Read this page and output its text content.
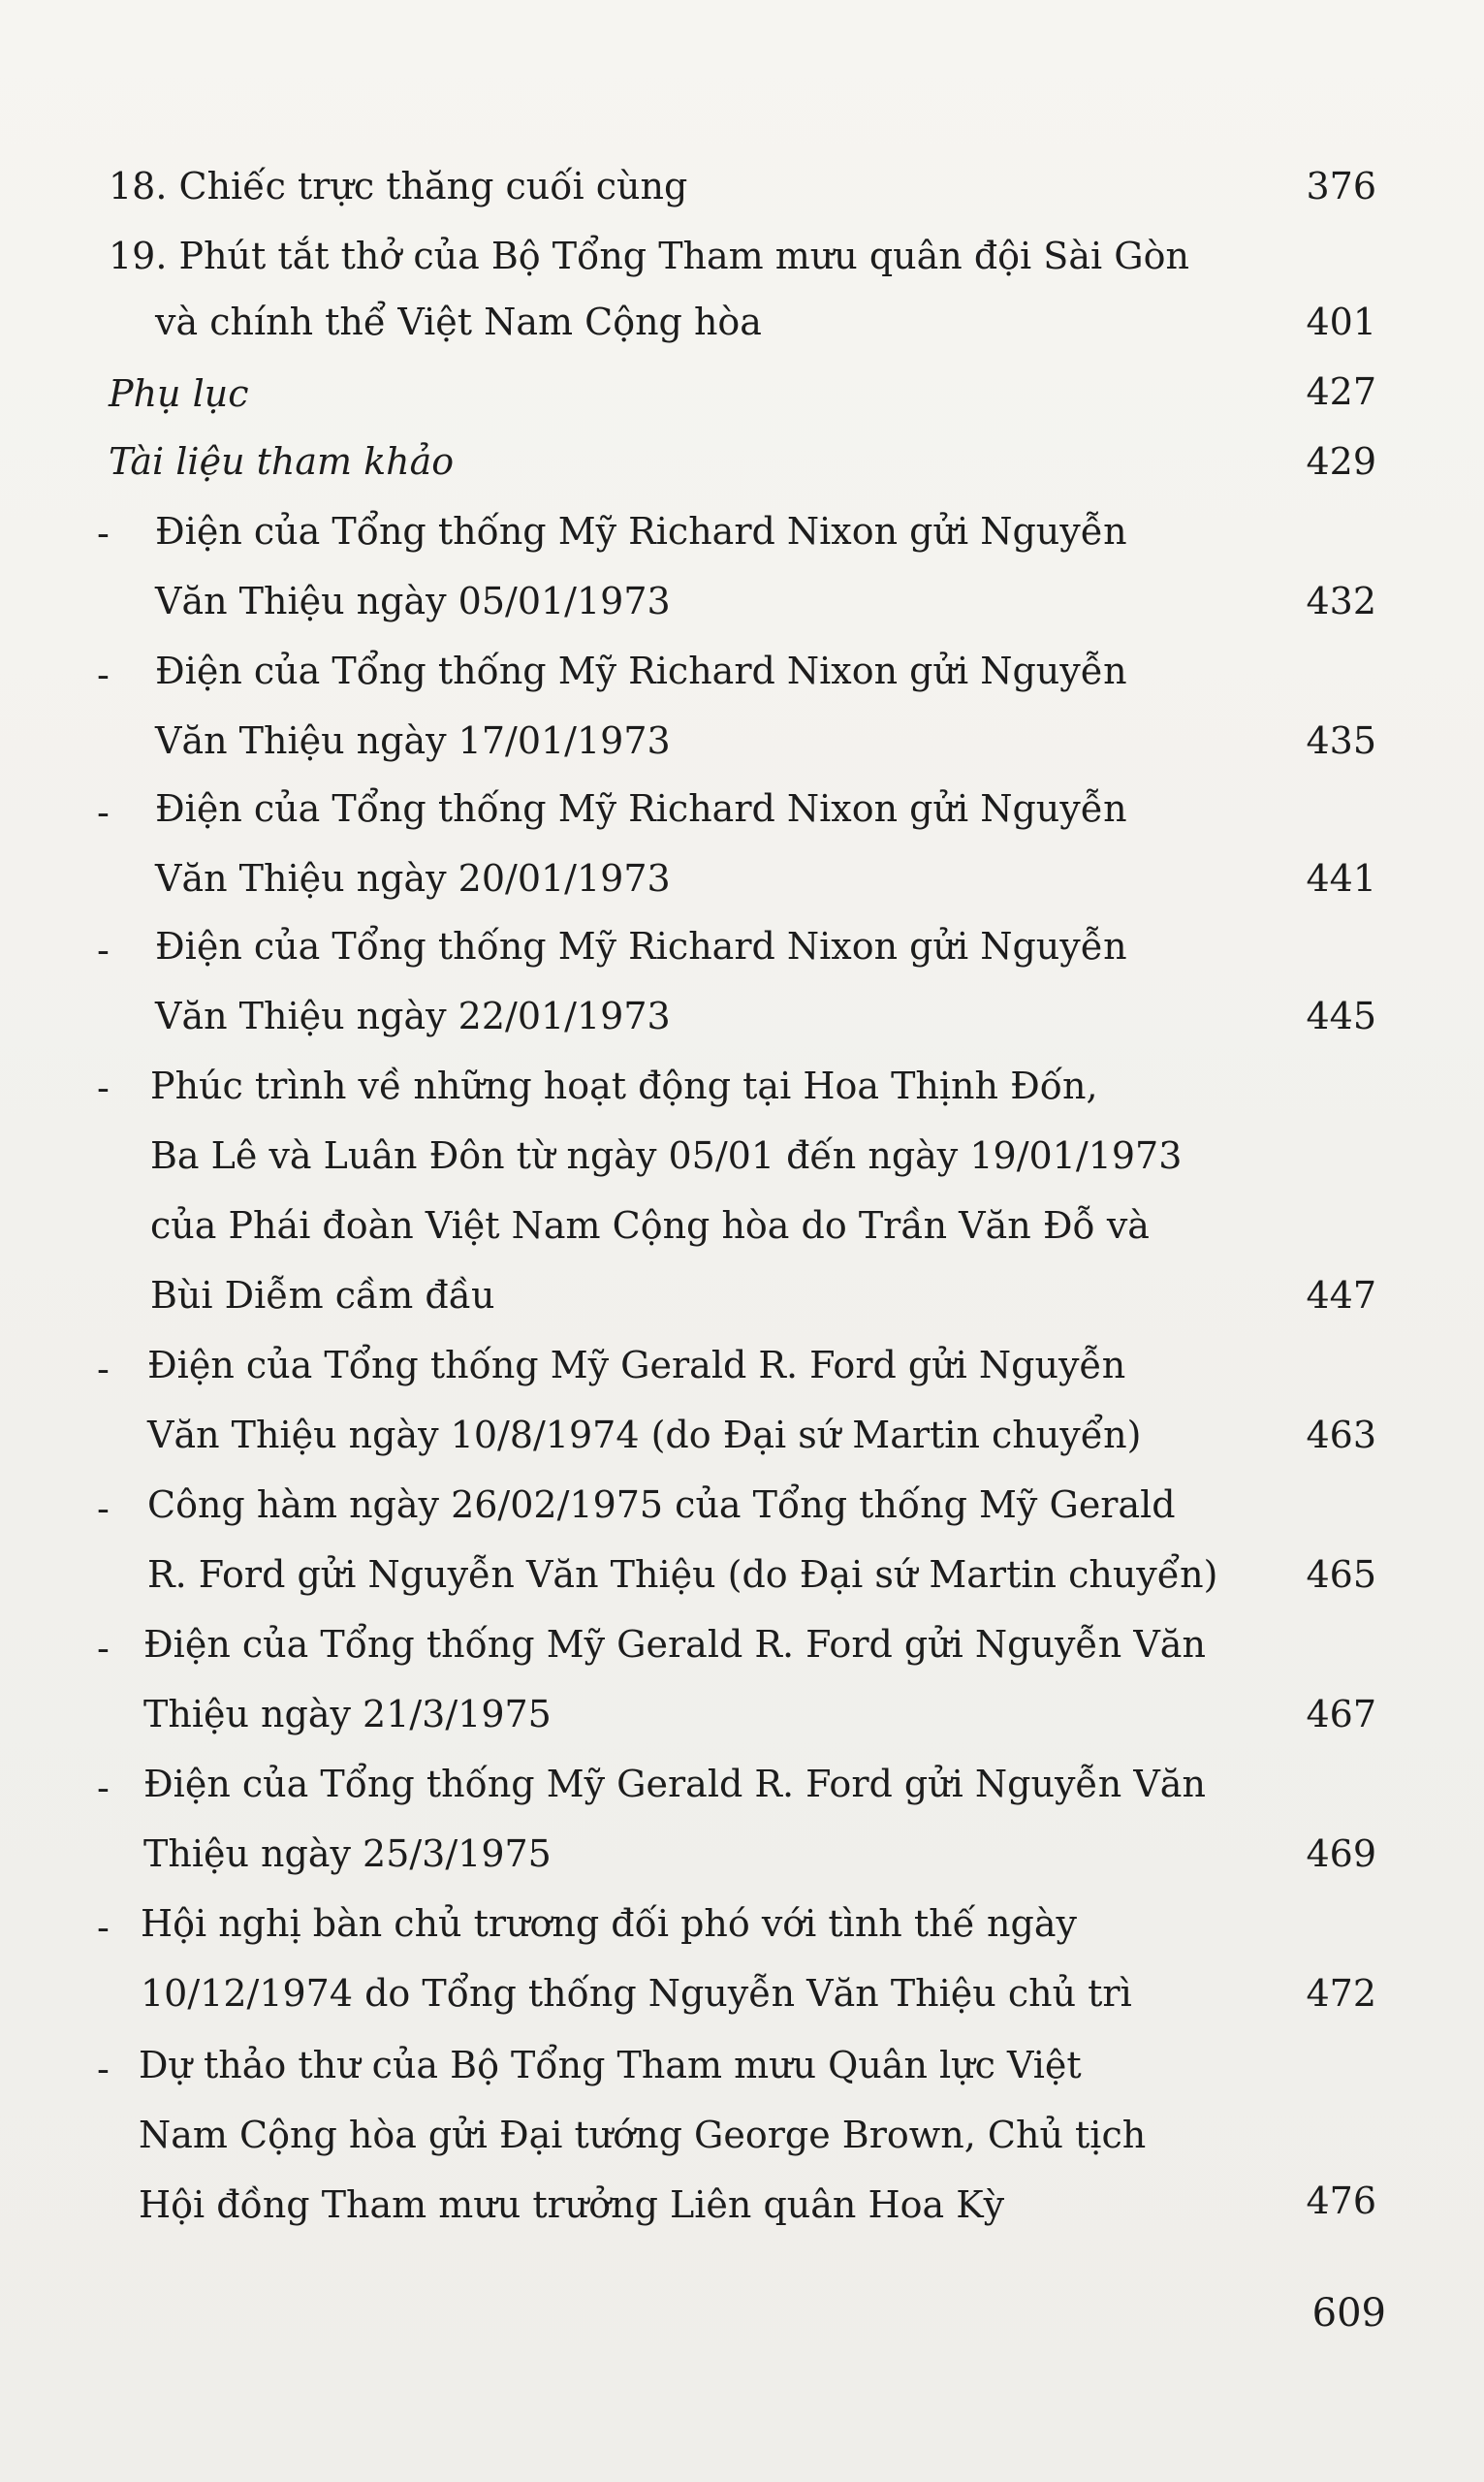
18. Chiếc trực thăng cuối cùng	376
19. Phút tắt thở của Bộ Tổng Tham mưu quân đội Sài Gòn
và chính thể Việt Nam Cộng hòa	401
Phụ lục	427
Tài liệu tham khảo	429
- Điện của Tổng thống Mỹ Richard Nixon gửi Nguyễn
Văn Thiệu ngày 05/01/1973	432
- Điện của Tổng thống Mỹ Richard Nixon gửi Nguyễn
Văn Thiệu ngày 17/01/1973	435
- Điện của Tổng thống Mỹ Richard Nixon gửi Nguyễn
Văn Thiệu ngày 20/01/1973	441
- Điện của Tổng thống Mỹ Richard Nixon gửi Nguyễn
Văn Thiệu ngày 22/01/1973	445
- Phúc trình về những hoạt động tại Hoa Thịnh Đốn,
Ba Lê và Luân Đôn từ ngày 05/01 đến ngày 19/01/1973
của Phái đoàn Việt Nam Cộng hòa do Trần Văn Đỗ và
Bùi Diễm cầm đầu	447
- Điện của Tổng thống Mỹ Gerald R. Ford gửi Nguyễn
Văn Thiệu ngày 10/8/1974 (do Đại sứ Martin chuyển)	463
- Công hàm ngày 26/02/1975 của Tổng thống Mỹ Gerald
R. Ford gửi Nguyễn Văn Thiệu (do Đại sứ Martin chuyển)	465
- Điện của Tổng thống Mỹ Gerald R. Ford gửi Nguyễn Văn
Thiệu ngày 21/3/1975	467
- Điện của Tổng thống Mỹ Gerald R. Ford gửi Nguyễn Văn
Thiệu ngày 25/3/1975	469
- Hội nghị bàn chủ trương đối phó với tình thế ngày
10/12/1974 do Tổng thống Nguyễn Văn Thiệu chủ trì	472
- Dự thảo thư của Bộ Tổng Tham mưu Quân lực Việt
Nam Cộng hòa gửi Đại tướng George Brown, Chủ tịch
Hội đồng Tham mưu trưởng Liên quân Hoa Kỳ	476
609
